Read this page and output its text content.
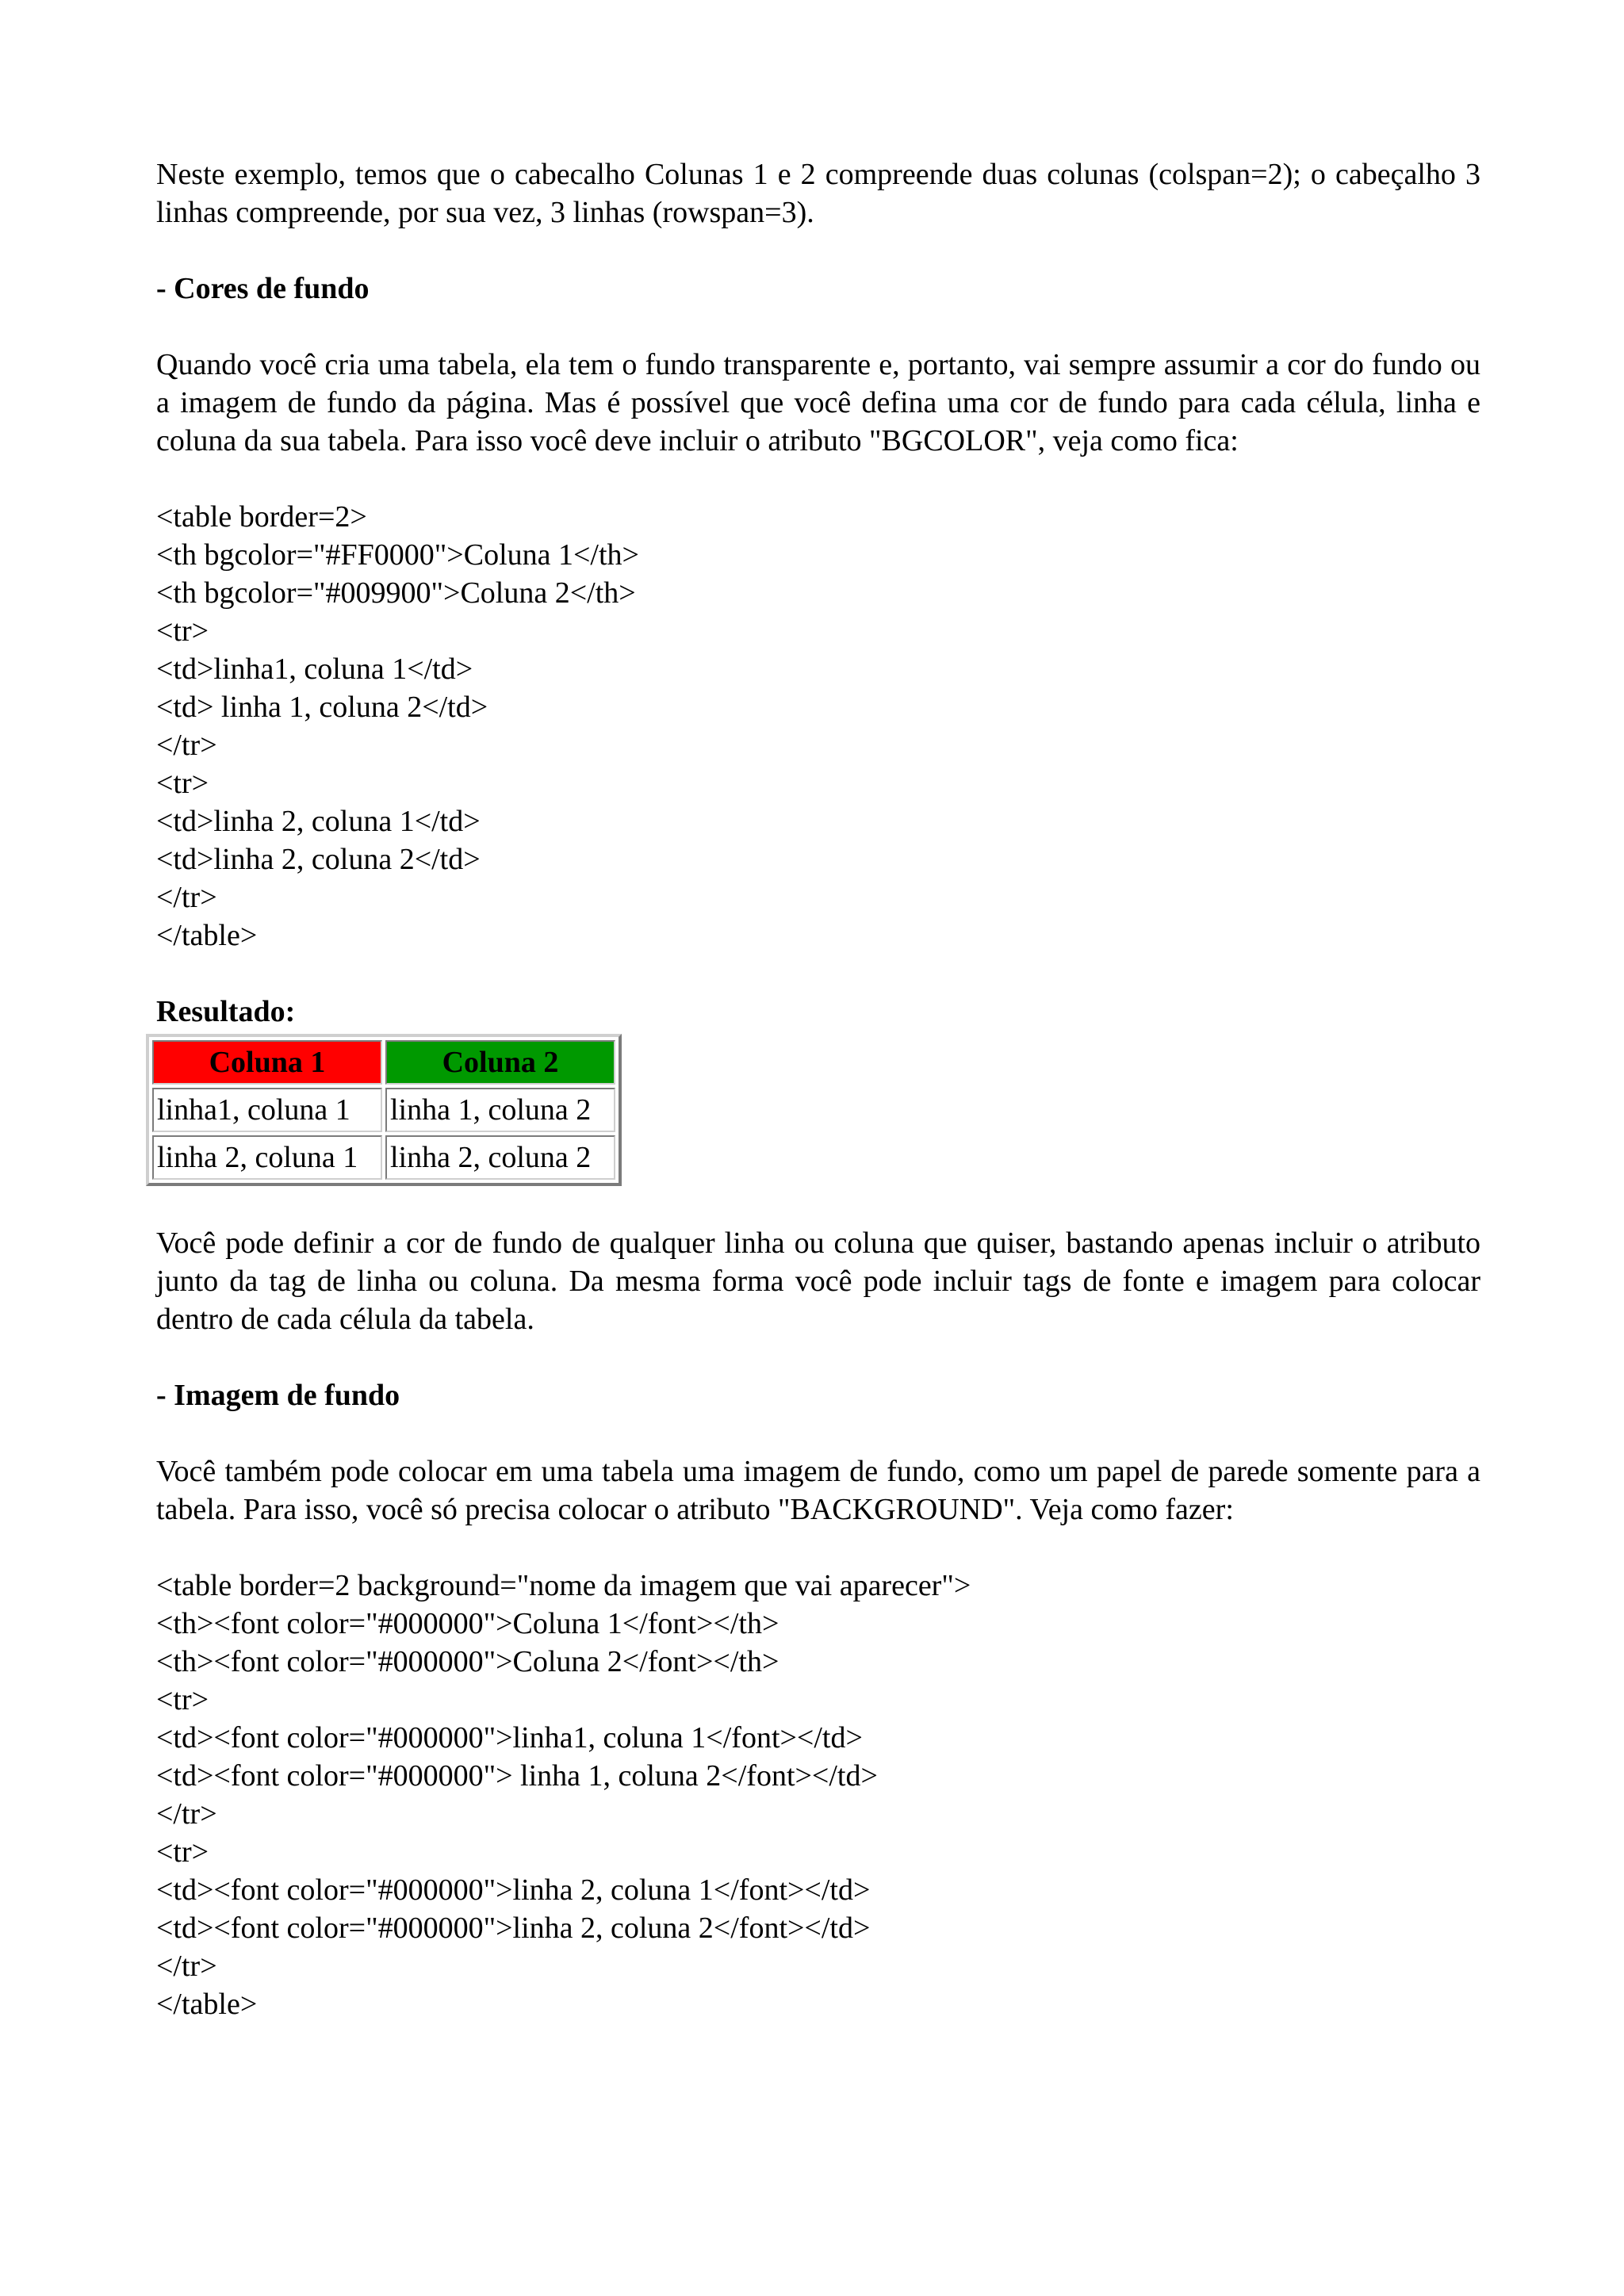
Neste exemplo, temos que o cabecalho Colunas 1 e 2 compreende duas colunas (colspan=2); o cabeçalho 3 linhas compreende, por sua vez, 3 linhas (rowspan=3).

- Cores de fundo

Quando você cria uma tabela, ela tem o fundo transparente e, portanto, vai sempre assumir a cor do fundo ou a imagem de fundo da página. Mas é possível que você defina uma cor de fundo para cada célula, linha e coluna da sua tabela. Para isso você deve incluir o atributo "BGCOLOR", veja como fica:

<table border=2>
<th bgcolor="#FF0000">Coluna 1</th>
<th bgcolor="#009900">Coluna 2</th>
<tr>
<td>linha1, coluna 1</td>
<td> linha 1, coluna 2</td>
</tr>
<tr>
<td>linha 2, coluna 1</td>
<td>linha 2, coluna 2</td>
</tr>
</table>

Resultado:

Coluna 1	Coluna 2
linha1, coluna 1	linha 1, coluna 2
linha 2, coluna 1	linha 2, coluna 2

Você pode definir a cor de fundo de qualquer linha ou coluna que quiser, bastando apenas incluir o atributo junto da tag de linha ou coluna. Da mesma forma você pode incluir tags de fonte e imagem para colocar dentro de cada célula da tabela.

- Imagem de fundo

Você também pode colocar em uma tabela uma imagem de fundo, como um papel de parede somente para a tabela. Para isso, você só precisa colocar o atributo "BACKGROUND". Veja como fazer:

<table border=2 background="nome da imagem que vai aparecer">
<th><font color="#000000">Coluna 1</font></th>
<th><font color="#000000">Coluna 2</font></th>
<tr>
<td><font color="#000000">linha1, coluna 1</font></td>
<td><font color="#000000"> linha 1, coluna 2</font></td>
</tr>
<tr>
<td><font color="#000000">linha 2, coluna 1</font></td>
<td><font color="#000000">linha 2, coluna 2</font></td>
</tr>
</table>
